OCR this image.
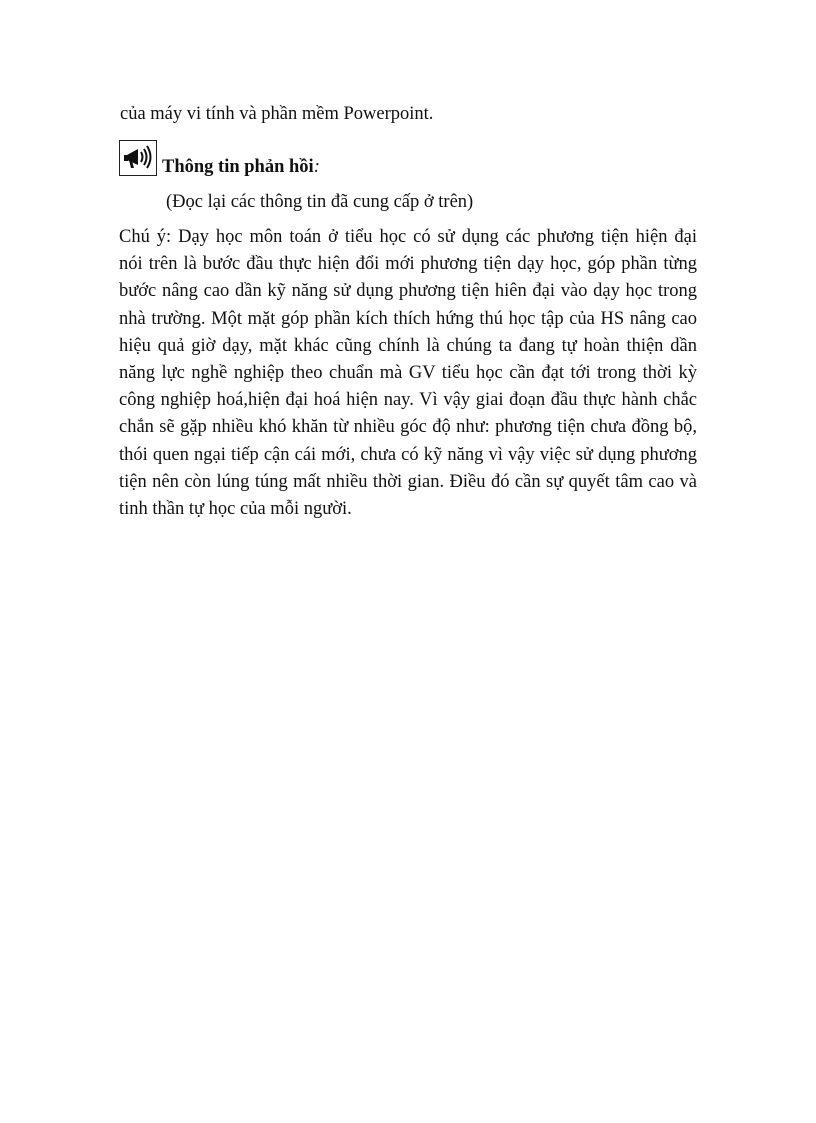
của máy vi tính và phần mềm Powerpoint.
Thông tin phản hồi:
(Đọc lại các thông tin đã cung cấp ở trên)
Chú ý: Dạy học môn toán ở tiểu học có sử dụng các phương tiện hiện đại
nói trên là bước đầu thực hiện đổi mới phương tiện dạy học, góp phần từng
bước nâng cao dần kỹ năng sử dụng phương tiện hiên đại vào dạy học trong
nhà trường. Một mặt góp phần kích thích hứng thú học tập của HS nâng cao
hiệu quả giờ dạy, mặt khác cũng chính là chúng ta đang tự hoàn thiện dần
năng lực nghề nghiệp theo chuẩn mà GV tiểu học cần đạt tới trong thời kỳ
công nghiệp hoá,hiện đại hoá hiện nay. Vì vậy giai đoạn đầu thực hành chắc
chắn sẽ gặp nhiều khó khăn từ nhiều góc độ như: phương tiện chưa đồng bộ,
thói quen ngại tiếp cận cái mới, chưa có kỹ năng vì vậy việc sử dụng phương
tiện nên còn lúng túng mất nhiều thời gian. Điều đó cần sự quyết tâm cao và
tinh thần tự học của mỗi người.
